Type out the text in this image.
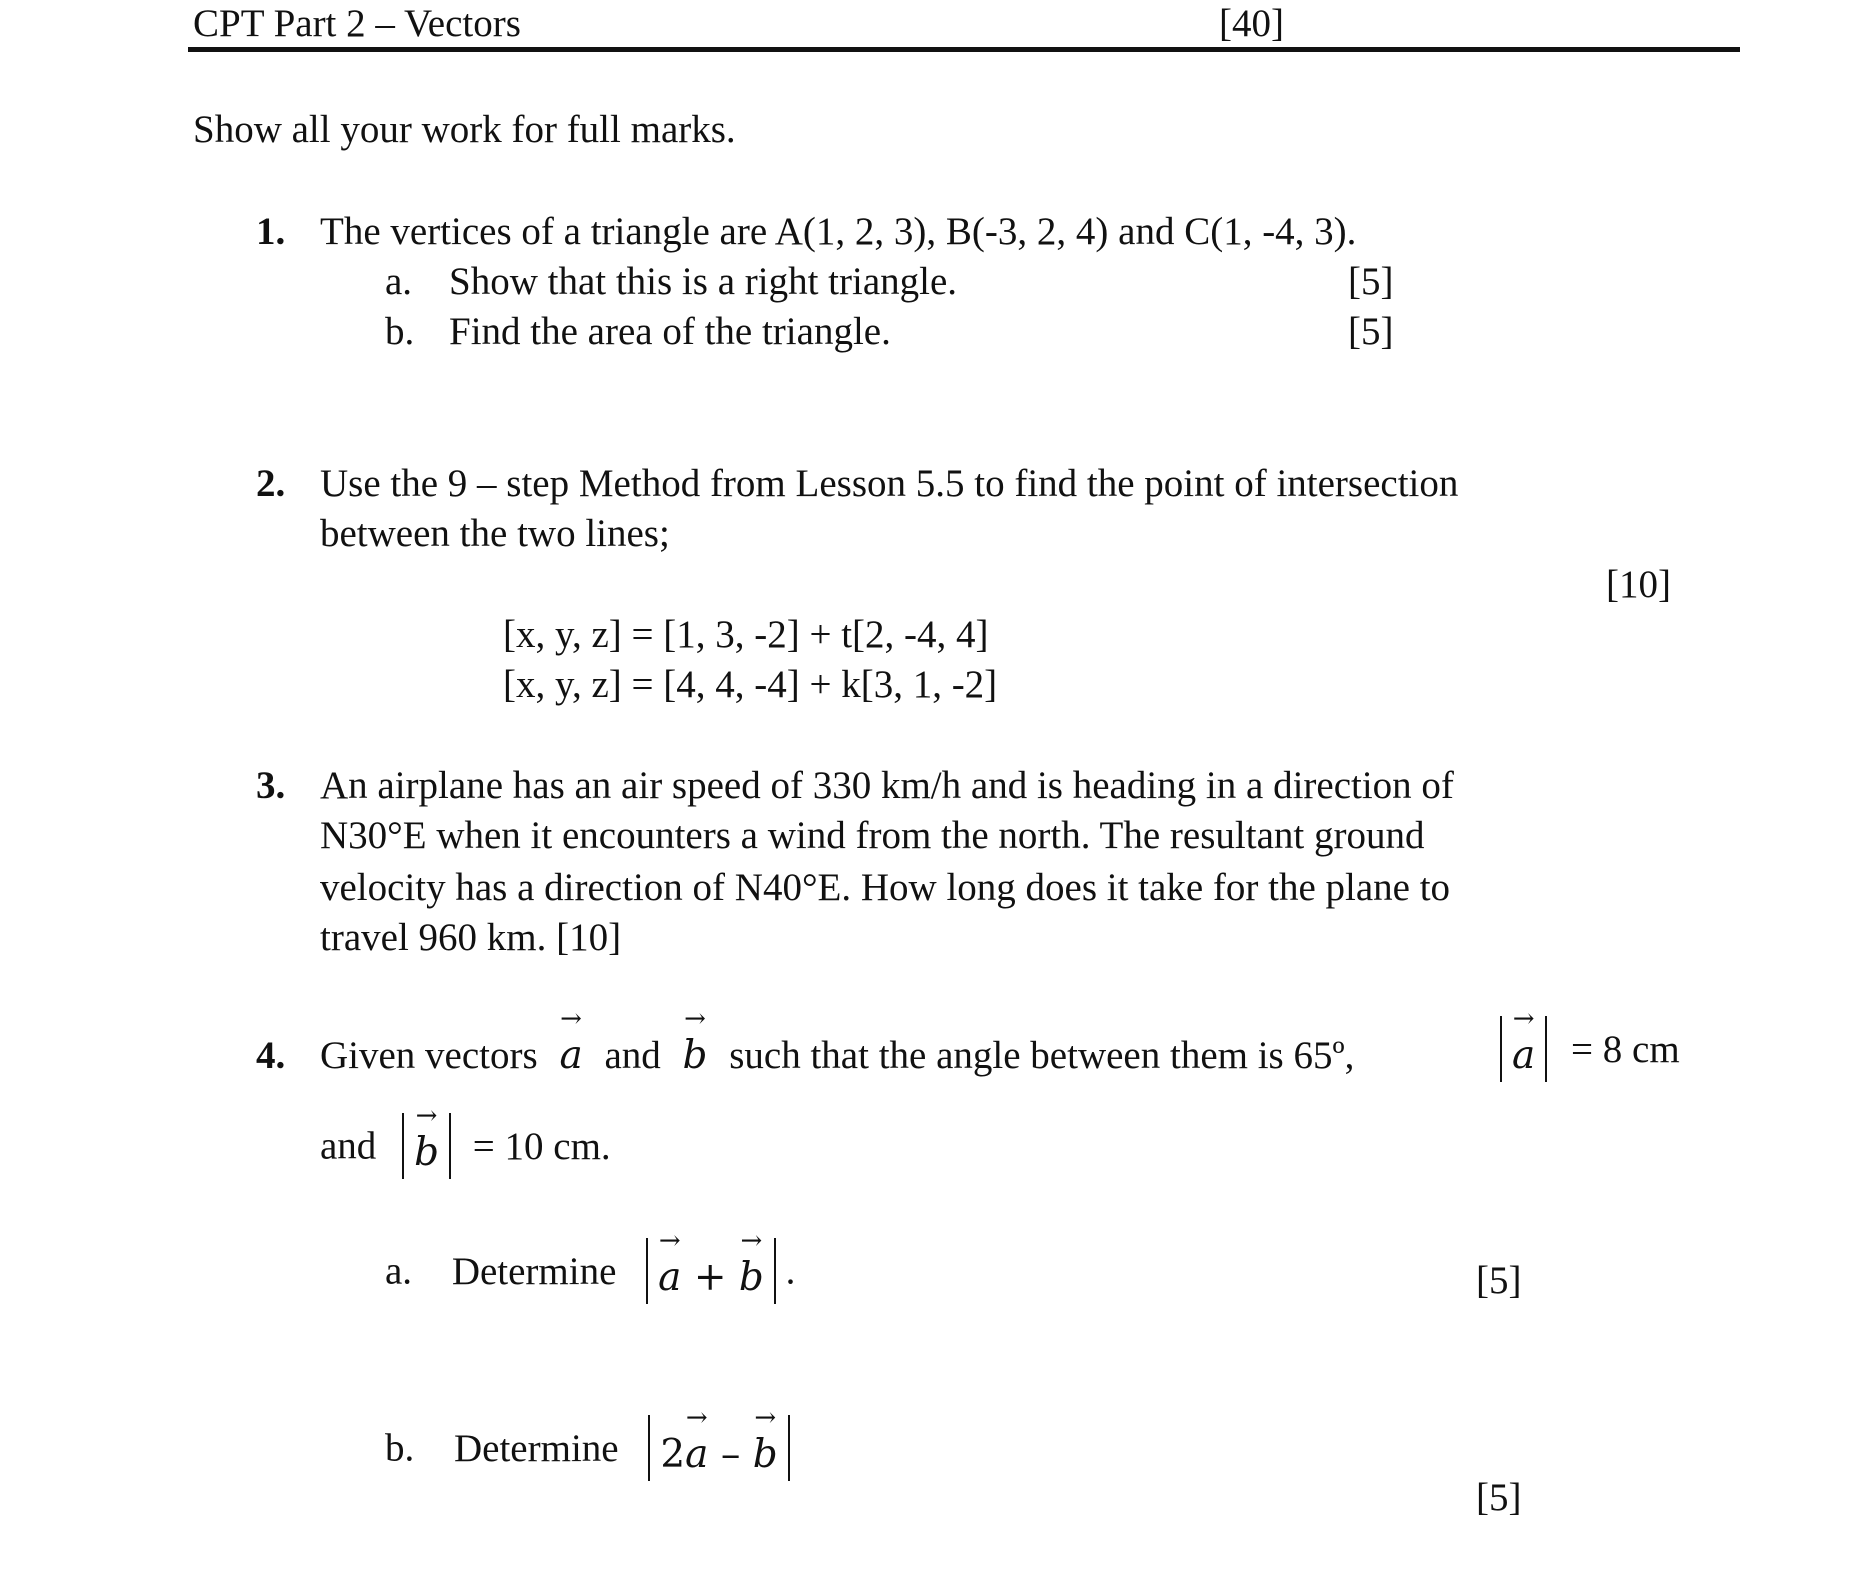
CPT Part 2 – Vectors	[40]
Show all your work for full marks.
1. The vertices of a triangle are A(1, 2, 3), B(-3, 2, 4) and C(1, -4, 3).
a. Show that this is a right triangle.	[5]
b. Find the area of the triangle.	[5]
2. Use the 9 – step Method from Lesson 5.5 to find the point of intersection
between the two lines;
[10]
[x, y, z] = [1, 3, -2] + t[2, -4, 4]
[x, y, z] = [4, 4, -4] + k[3, 1, -2]
3. An airplane has an air speed of 330 km/h and is heading in a direction of
N30°E when it encounters a wind from the north. The resultant ground
velocity has a direction of N40°E. How long does it take for the plane to
travel 960 km. [10]
4. Given vectors → a and → b such that the angle between them is 65º,	→ a = 8 cm
and → b = 10 cm.
a. Determine → a + → b .	[5]
b. Determine 2→ a – → b
[5]
